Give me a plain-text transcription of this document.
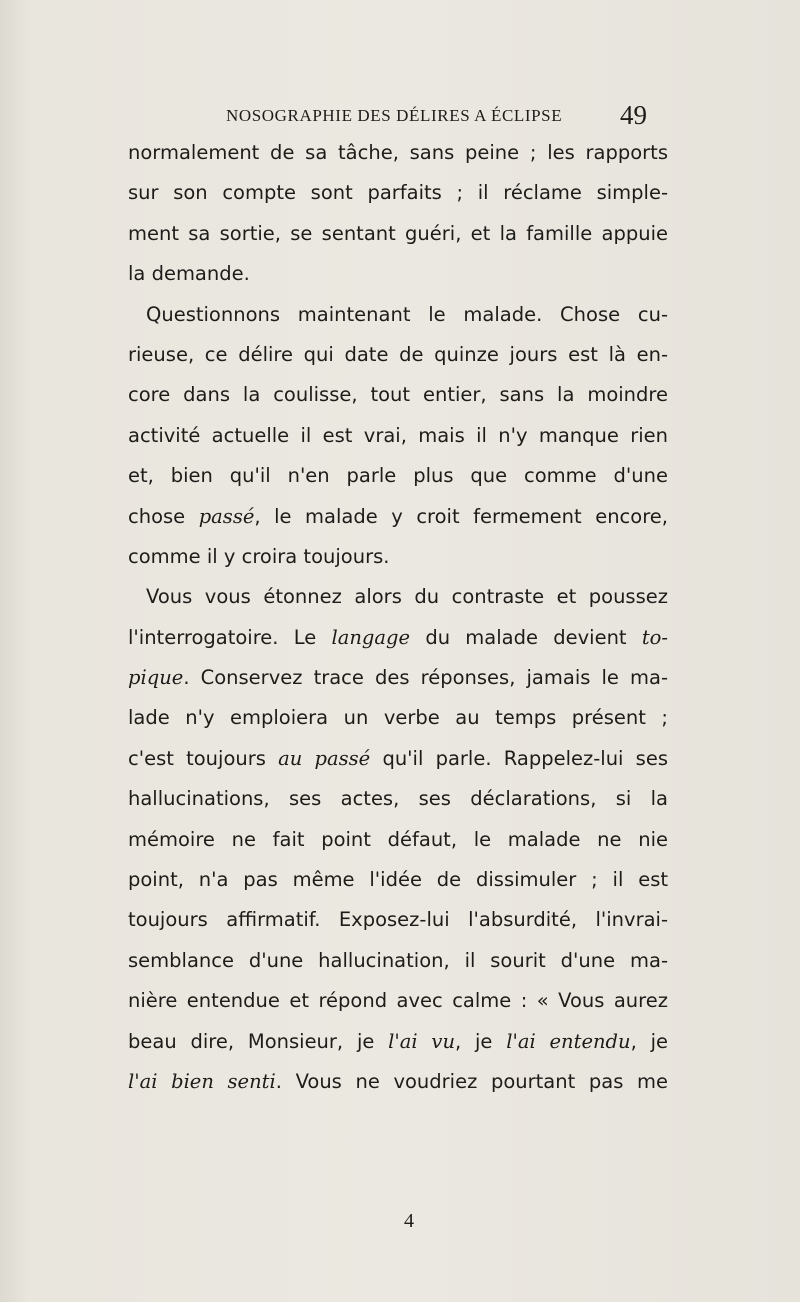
NOSOGRAPHIE DES DÉLIRES A ÉCLIPSE 49
normalement de sa tâche, sans peine ; les rapports
sur son compte sont parfaits ; il réclame simple-
ment sa sortie, se sentant guéri, et la famille appuie
la demande.
Questionnons maintenant le malade. Chose cu-
rieuse, ce délire qui date de quinze jours est là en-
core dans la coulisse, tout entier, sans la moindre
activité actuelle il est vrai, mais il n'y manque rien
et, bien qu'il n'en parle plus que comme d'une
chose passé, le malade y croit fermement encore,
comme il y croira toujours.
Vous vous étonnez alors du contraste et poussez
l'interrogatoire. Le langage du malade devient to-
pique. Conservez trace des réponses, jamais le ma-
lade n'y emploiera un verbe au temps présent ;
c'est toujours au passé qu'il parle. Rappelez-lui ses
hallucinations, ses actes, ses déclarations, si la
mémoire ne fait point défaut, le malade ne nie
point, n'a pas même l'idée de dissimuler ; il est
toujours affirmatif. Exposez-lui l'absurdité, l'invrai-
semblance d'une hallucination, il sourit d'une ma-
nière entendue et répond avec calme : « Vous aurez
beau dire, Monsieur, je l'ai vu, je l'ai entendu, je
l'ai bien senti. Vous ne voudriez pourtant pas me
4
